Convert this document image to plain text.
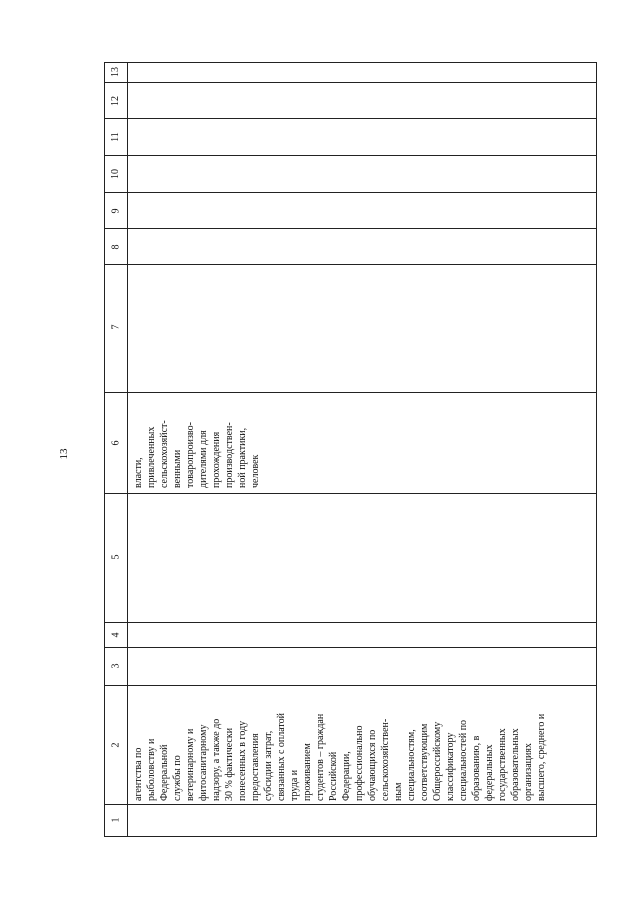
13
13
12
11
10
9
8
7
6
5
4
3
2
1
агентства по рыболовству и Федеральной службы по ветеринарному и фитосанитарному надзору, а также до 30 % фактически понесенных в году предоставления субсидии затрат, связанных с оплатой труда и проживанием студентов – граждан Российской Федерации, профессионально обучающихся по сельскохозяйствен- ным специальностям, соответствующим Общероссийскому классификатору специальностей по образованию, в федеральных государственных образовательных организациях высшего, среднего и
власти, привлеченных сельскохозяйст- венными товаропроизво- дителями для прохождения производствен- ной практики, человек
